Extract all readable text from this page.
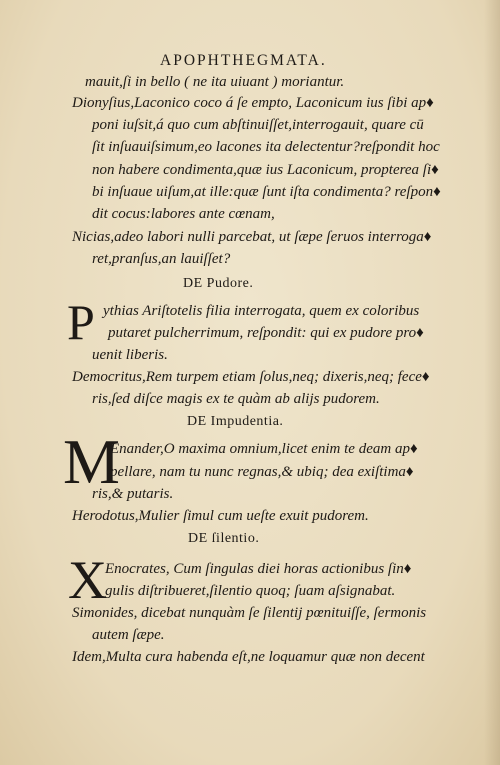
APOPHTHEGMATA.
mauit,ſi in bello ( ne ita uiuant ) moriantur.
Dionyſius,Laconico coco á ſe empto, Laconicum ius ſibi ap♦
poni iuſsit,á quo cum abſtinuiſſet,interrogauit, quare cū
ſit inſuauiſsimum,eo lacones ita delectentur?reſpondit hoc
non habere condimenta,quæ ius Laconicum, propterea ſi♦
bi inſuaue uiſum,at ille:quæ ſunt iſta condimenta? reſpon♦
dit cocus:labores ante cœnam,
Nicias,adeo labori nulli parcebat, ut ſæpe ſeruos interroga♦
ret,pranſus,an lauiſſet?
DE Pudore.
P ythias Ariſtotelis filia interrogata, quem ex coloribus
putaret pulcherrimum, reſpondit: qui ex pudore pro♦
uenit liberis.
Democritus,Rem turpem etiam ſolus,neq; dixeris,neq; fece♦
ris,ſed diſce magis ex te quàm ab alijs pudorem.
DE Impudentia.
M
Enander,O maxima omnium,licet enim te deam ap♦
pellare, nam tu nunc regnas,& ubiq; dea exiſtima♦
ris,& putaris.
Herodotus,Mulier ſimul cum ueſte exuit pudorem.
DE ſilentio.
X
Enocrates, Cum ſingulas diei horas actionibus ſin♦
gulis diſtribueret,ſilentio quoq; ſuam aſsignabat.
Simonides, dicebat nunquàm ſe ſilentij pœnituiſſe, ſermonis
autem ſæpe.
Idem,Multa cura habenda eſt,ne loquamur quæ non decent
